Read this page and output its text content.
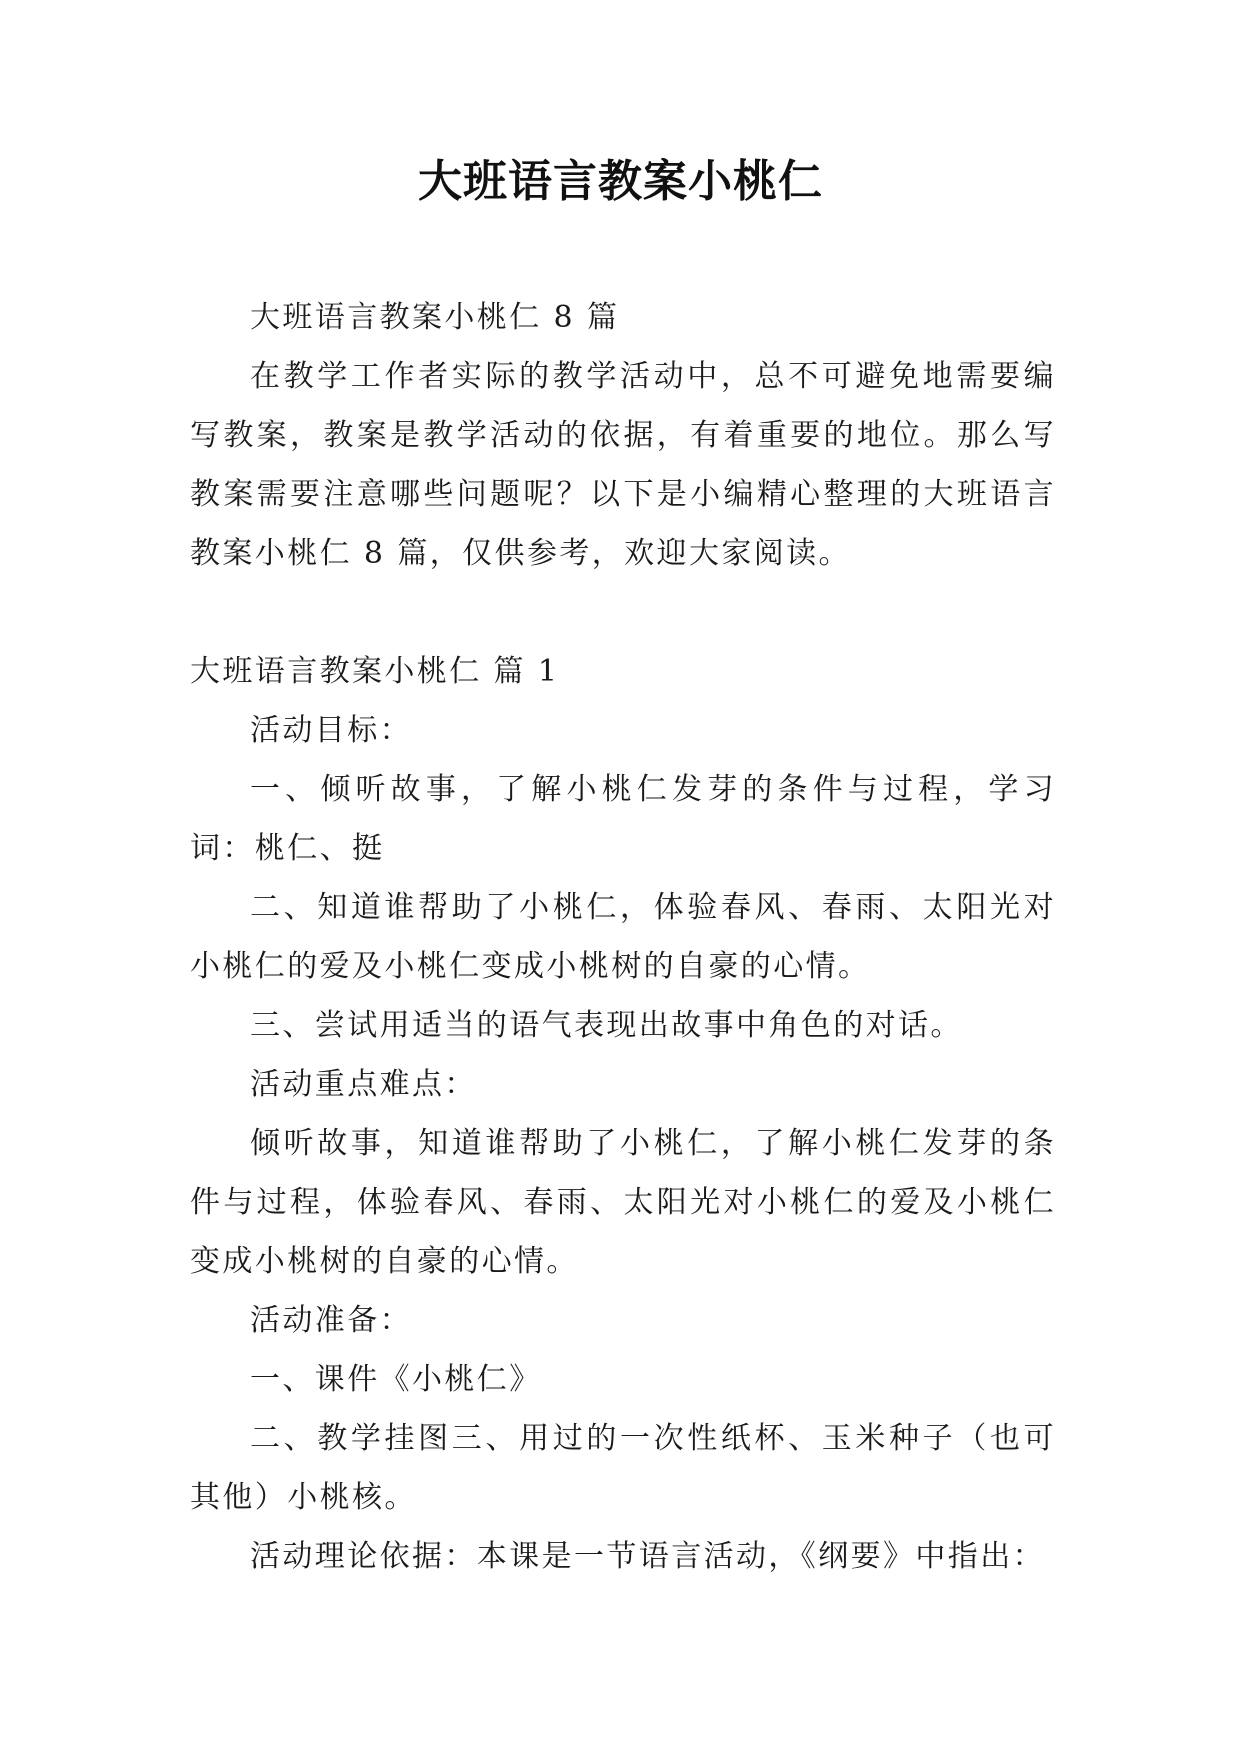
大班语言教案小桃仁

大班语言教案小桃仁 8 篇

在教学工作者实际的教学活动中，总不可避免地需要编写教案，教案是教学活动的依据，有着重要的地位。那么写教案需要注意哪些问题呢？以下是小编精心整理的大班语言教案小桃仁 8 篇，仅供参考，欢迎大家阅读。

大班语言教案小桃仁 篇 1

活动目标：

一、倾听故事，了解小桃仁发芽的条件与过程，学习词：桃仁、挺

二、知道谁帮助了小桃仁，体验春风、春雨、太阳光对小桃仁的爱及小桃仁变成小桃树的自豪的心情。

三、尝试用适当的语气表现出故事中角色的对话。

活动重点难点：

倾听故事，知道谁帮助了小桃仁，了解小桃仁发芽的条件与过程，体验春风、春雨、太阳光对小桃仁的爱及小桃仁变成小桃树的自豪的心情。

活动准备：

一、课件《小桃仁》

二、教学挂图三、用过的一次性纸杯、玉米种子（也可其他）小桃核。

活动理论依据：本课是一节语言活动，《纲要》中指出：
